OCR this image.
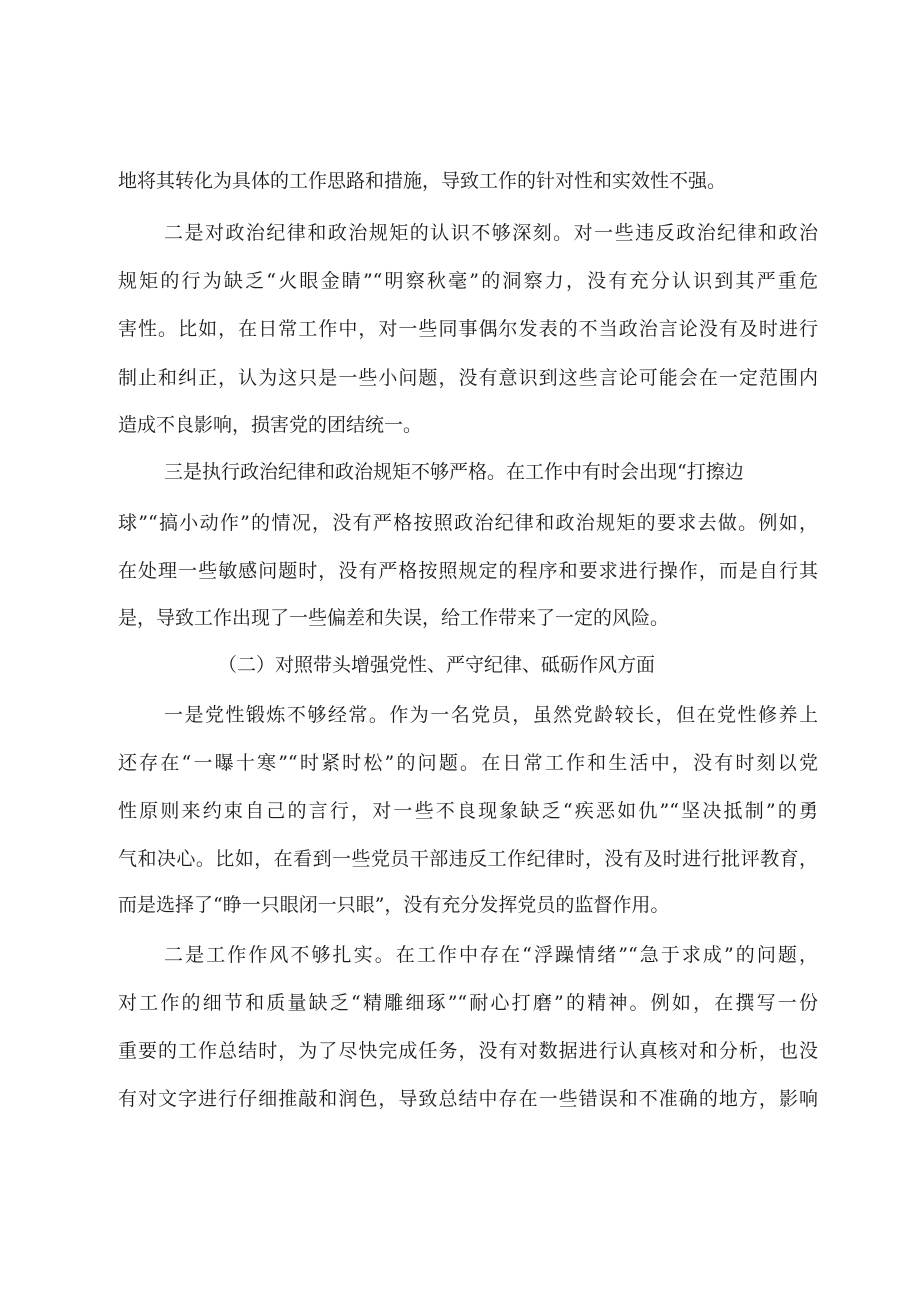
地将其转化为具体的工作思路和措施，导致工作的针对性和实效性不强。
二是对政治纪律和政治规矩的认识不够深刻。对一些违反政治纪律和政治
规矩的行为缺乏“火眼金睛”“明察秋毫”的洞察力，没有充分认识到其严重危
害性。比如，在日常工作中，对一些同事偶尔发表的不当政治言论没有及时进行
制止和纠正，认为这只是一些小问题，没有意识到这些言论可能会在一定范围内
造成不良影响，损害党的团结统一。
三是执行政治纪律和政治规矩不够严格。在工作中有时会出现“打擦边
球”“搞小动作”的情况，没有严格按照政治纪律和政治规矩的要求去做。例如，
在处理一些敏感问题时，没有严格按照规定的程序和要求进行操作，而是自行其
是，导致工作出现了一些偏差和失误，给工作带来了一定的风险。
（二）对照带头增强党性、严守纪律、砥砺作风方面
一是党性锻炼不够经常。作为一名党员，虽然党龄较长，但在党性修养上
还存在“一曝十寒”“时紧时松”的问题。在日常工作和生活中，没有时刻以党
性原则来约束自己的言行，对一些不良现象缺乏“疾恶如仇”“坚决抵制”的勇
气和决心。比如，在看到一些党员干部违反工作纪律时，没有及时进行批评教育，
而是选择了“睁一只眼闭一只眼”，没有充分发挥党员的监督作用。
二是工作作风不够扎实。在工作中存在“浮躁情绪”“急于求成”的问题，
对工作的细节和质量缺乏“精雕细琢”“耐心打磨”的精神。例如，在撰写一份
重要的工作总结时，为了尽快完成任务，没有对数据进行认真核对和分析，也没
有对文字进行仔细推敲和润色，导致总结中存在一些错误和不准确的地方，影响
